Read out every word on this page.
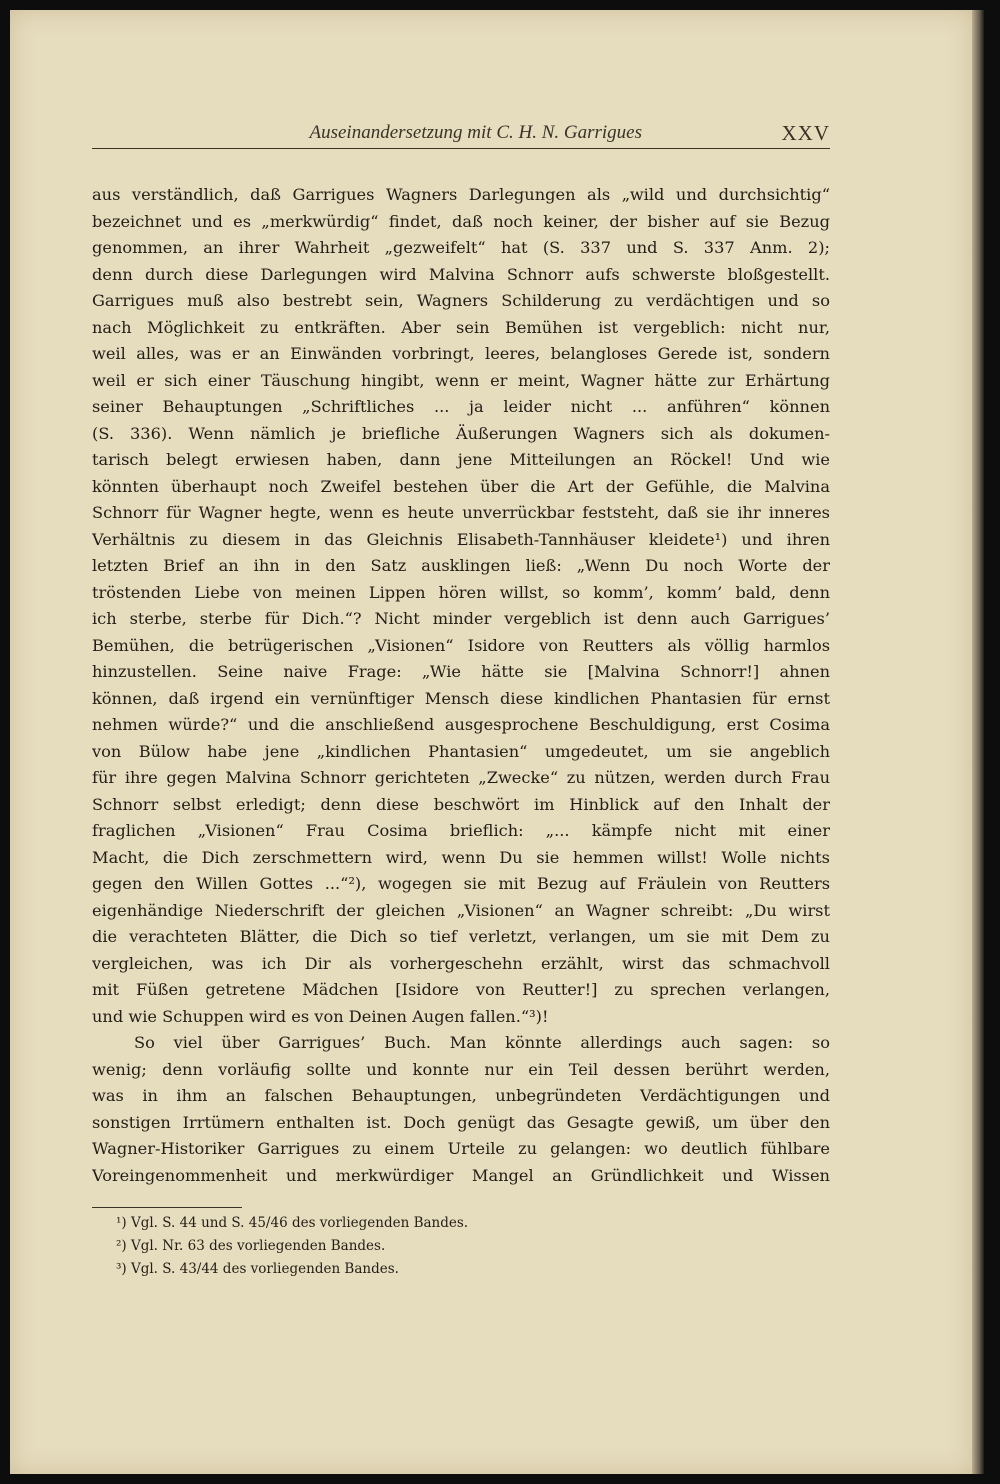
Auseinandersetzung mit C. H. N. Garrigues	XXV
aus verständlich, daß Garrigues Wagners Darlegungen als „wild und durchsichtig“
bezeichnet und es „merkwürdig“ findet, daß noch keiner, der bisher auf sie Bezug
genommen, an ihrer Wahrheit „gezweifelt“ hat (S. 337 und S. 337 Anm. 2);
denn durch diese Darlegungen wird Malvina Schnorr aufs schwerste bloßgestellt.
Garrigues muß also bestrebt sein, Wagners Schilderung zu verdächtigen und so
nach Möglichkeit zu entkräften. Aber sein Bemühen ist vergeblich: nicht nur,
weil alles, was er an Einwänden vorbringt, leeres, belangloses Gerede ist, sondern
weil er sich einer Täuschung hingibt, wenn er meint, Wagner hätte zur Erhärtung
seiner Behauptungen „Schriftliches ... ja leider nicht ... anführen“ können
(S. 336). Wenn nämlich je briefliche Äußerungen Wagners sich als dokumen-
tarisch belegt erwiesen haben, dann jene Mitteilungen an Röckel! Und wie
könnten überhaupt noch Zweifel bestehen über die Art der Gefühle, die Malvina
Schnorr für Wagner hegte, wenn es heute unverrückbar feststeht, daß sie ihr inneres
Verhältnis zu diesem in das Gleichnis Elisabeth-Tannhäuser kleidete¹) und ihren
letzten Brief an ihn in den Satz ausklingen ließ: „Wenn Du noch Worte der
tröstenden Liebe von meinen Lippen hören willst, so komm’, komm’ bald, denn
ich sterbe, sterbe für Dich.“? Nicht minder vergeblich ist denn auch Garrigues’
Bemühen, die betrügerischen „Visionen“ Isidore von Reutters als völlig harmlos
hinzustellen. Seine naive Frage: „Wie hätte sie [Malvina Schnorr!] ahnen
können, daß irgend ein vernünftiger Mensch diese kindlichen Phantasien für ernst
nehmen würde?“ und die anschließend ausgesprochene Beschuldigung, erst Cosima
von Bülow habe jene „kindlichen Phantasien“ umgedeutet, um sie angeblich
für ihre gegen Malvina Schnorr gerichteten „Zwecke“ zu nützen, werden durch Frau
Schnorr selbst erledigt; denn diese beschwört im Hinblick auf den Inhalt der
fraglichen „Visionen“ Frau Cosima brieflich: „... kämpfe nicht mit einer
Macht, die Dich zerschmettern wird, wenn Du sie hemmen willst! Wolle nichts
gegen den Willen Gottes ...“²), wogegen sie mit Bezug auf Fräulein von Reutters
eigenhändige Niederschrift der gleichen „Visionen“ an Wagner schreibt: „Du wirst
die verachteten Blätter, die Dich so tief verletzt, verlangen, um sie mit Dem zu
vergleichen, was ich Dir als vorhergeschehn erzählt, wirst das schmachvoll
mit Füßen getretene Mädchen [Isidore von Reutter!] zu sprechen verlangen,
und wie Schuppen wird es von Deinen Augen fallen.“³)!
So viel über Garrigues’ Buch. Man könnte allerdings auch sagen: so
wenig; denn vorläufig sollte und konnte nur ein Teil dessen berührt werden,
was in ihm an falschen Behauptungen, unbegründeten Verdächtigungen und
sonstigen Irrtümern enthalten ist. Doch genügt das Gesagte gewiß, um über den
Wagner-Historiker Garrigues zu einem Urteile zu gelangen: wo deutlich fühlbare
Voreingenommenheit und merkwürdiger Mangel an Gründlichkeit und Wissen
¹) Vgl. S. 44 und S. 45/46 des vorliegenden Bandes.
²) Vgl. Nr. 63 des vorliegenden Bandes.
³) Vgl. S. 43/44 des vorliegenden Bandes.
